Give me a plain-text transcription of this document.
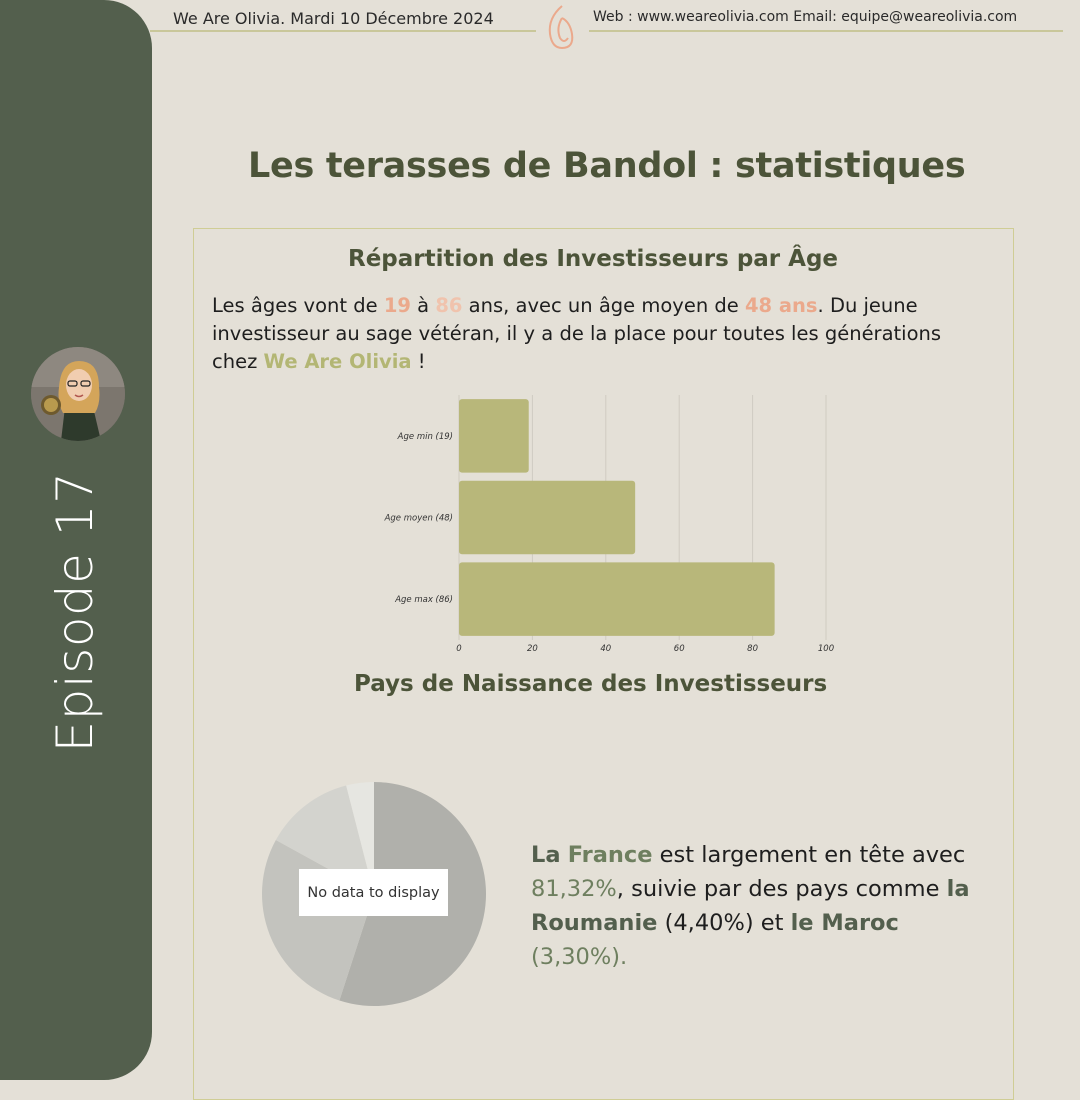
Episode 17
We Are Olivia. Mardi 10 Décembre 2024	Web : www.weareolivia.com Email: equipe@weareolivia.com
Les terasses de Bandol : statistiques
Répartition des Investisseurs par Âge
Les âges vont de 19 à 86 ans, avec un âge moyen de 48 ans. Du jeune investisseur au sage vétéran, il y a de la place pour toutes les générations chez We Are Olivia !
0	20	40	60	80	100
Age min (19)
Age moyen (48)
Age max (86)
Pays de Naissance des Investisseurs
No data to display
La France est largement en tête avec 81,32%, suivie par des pays comme la Roumanie (4,40%) et le Maroc (3,30%).
